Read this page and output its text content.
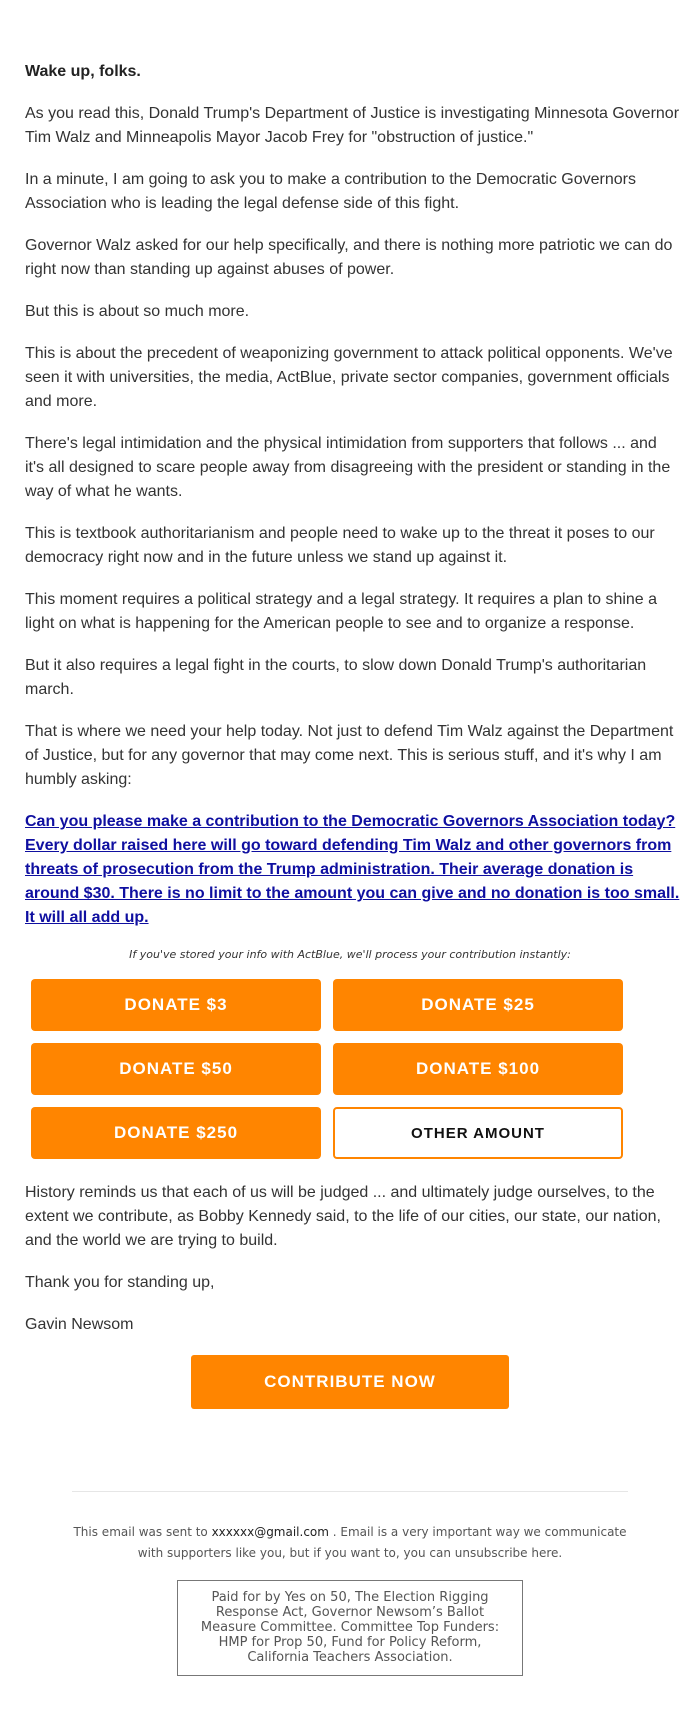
Wake up, folks.

As you read this, Donald Trump's Department of Justice is investigating Minnesota Governor Tim Walz and Minneapolis Mayor Jacob Frey for "obstruction of justice."

In a minute, I am going to ask you to make a contribution to the Democratic Governors Association who is leading the legal defense side of this fight.

Governor Walz asked for our help specifically, and there is nothing more patriotic we can do right now than standing up against abuses of power.

But this is about so much more.

This is about the precedent of weaponizing government to attack political opponents. We've seen it with universities, the media, ActBlue, private sector companies, government officials and more.

There's legal intimidation and the physical intimidation from supporters that follows ... and it's all designed to scare people away from disagreeing with the president or standing in the way of what he wants.

This is textbook authoritarianism and people need to wake up to the threat it poses to our democracy right now and in the future unless we stand up against it.

This moment requires a political strategy and a legal strategy. It requires a plan to shine a light on what is happening for the American people to see and to organize a response.

But it also requires a legal fight in the courts, to slow down Donald Trump's authoritarian march.

That is where we need your help today. Not just to defend Tim Walz against the Department of Justice, but for any governor that may come next. This is serious stuff, and it's why I am humbly asking:

Can you please make a contribution to the Democratic Governors Association today? Every dollar raised here will go toward defending Tim Walz and other governors from threats of prosecution from the Trump administration. Their average donation is around $30. There is no limit to the amount you can give and no donation is too small. It will all add up.
If you've stored your info with ActBlue, we'll process your contribution instantly:
DONATE $3	DONATE $25
DONATE $50	DONATE $100
DONATE $250	OTHER AMOUNT

History reminds us that each of us will be judged ... and ultimately judge ourselves, to the extent we contribute, as Bobby Kennedy said, to the life of our cities, our state, our nation, and the world we are trying to build.

Thank you for standing up,

Gavin Newsom

CONTRIBUTE NOW
This email was sent to xxxxxx@gmail.com . Email is a very important way we communicate with supporters like you, but if you want to, you can unsubscribe here.
Paid for by Yes on 50, The Election Rigging Response Act, Governor Newsom’s Ballot Measure Committee. Committee Top Funders: HMP for Prop 50, Fund for Policy Reform, California Teachers Association.
